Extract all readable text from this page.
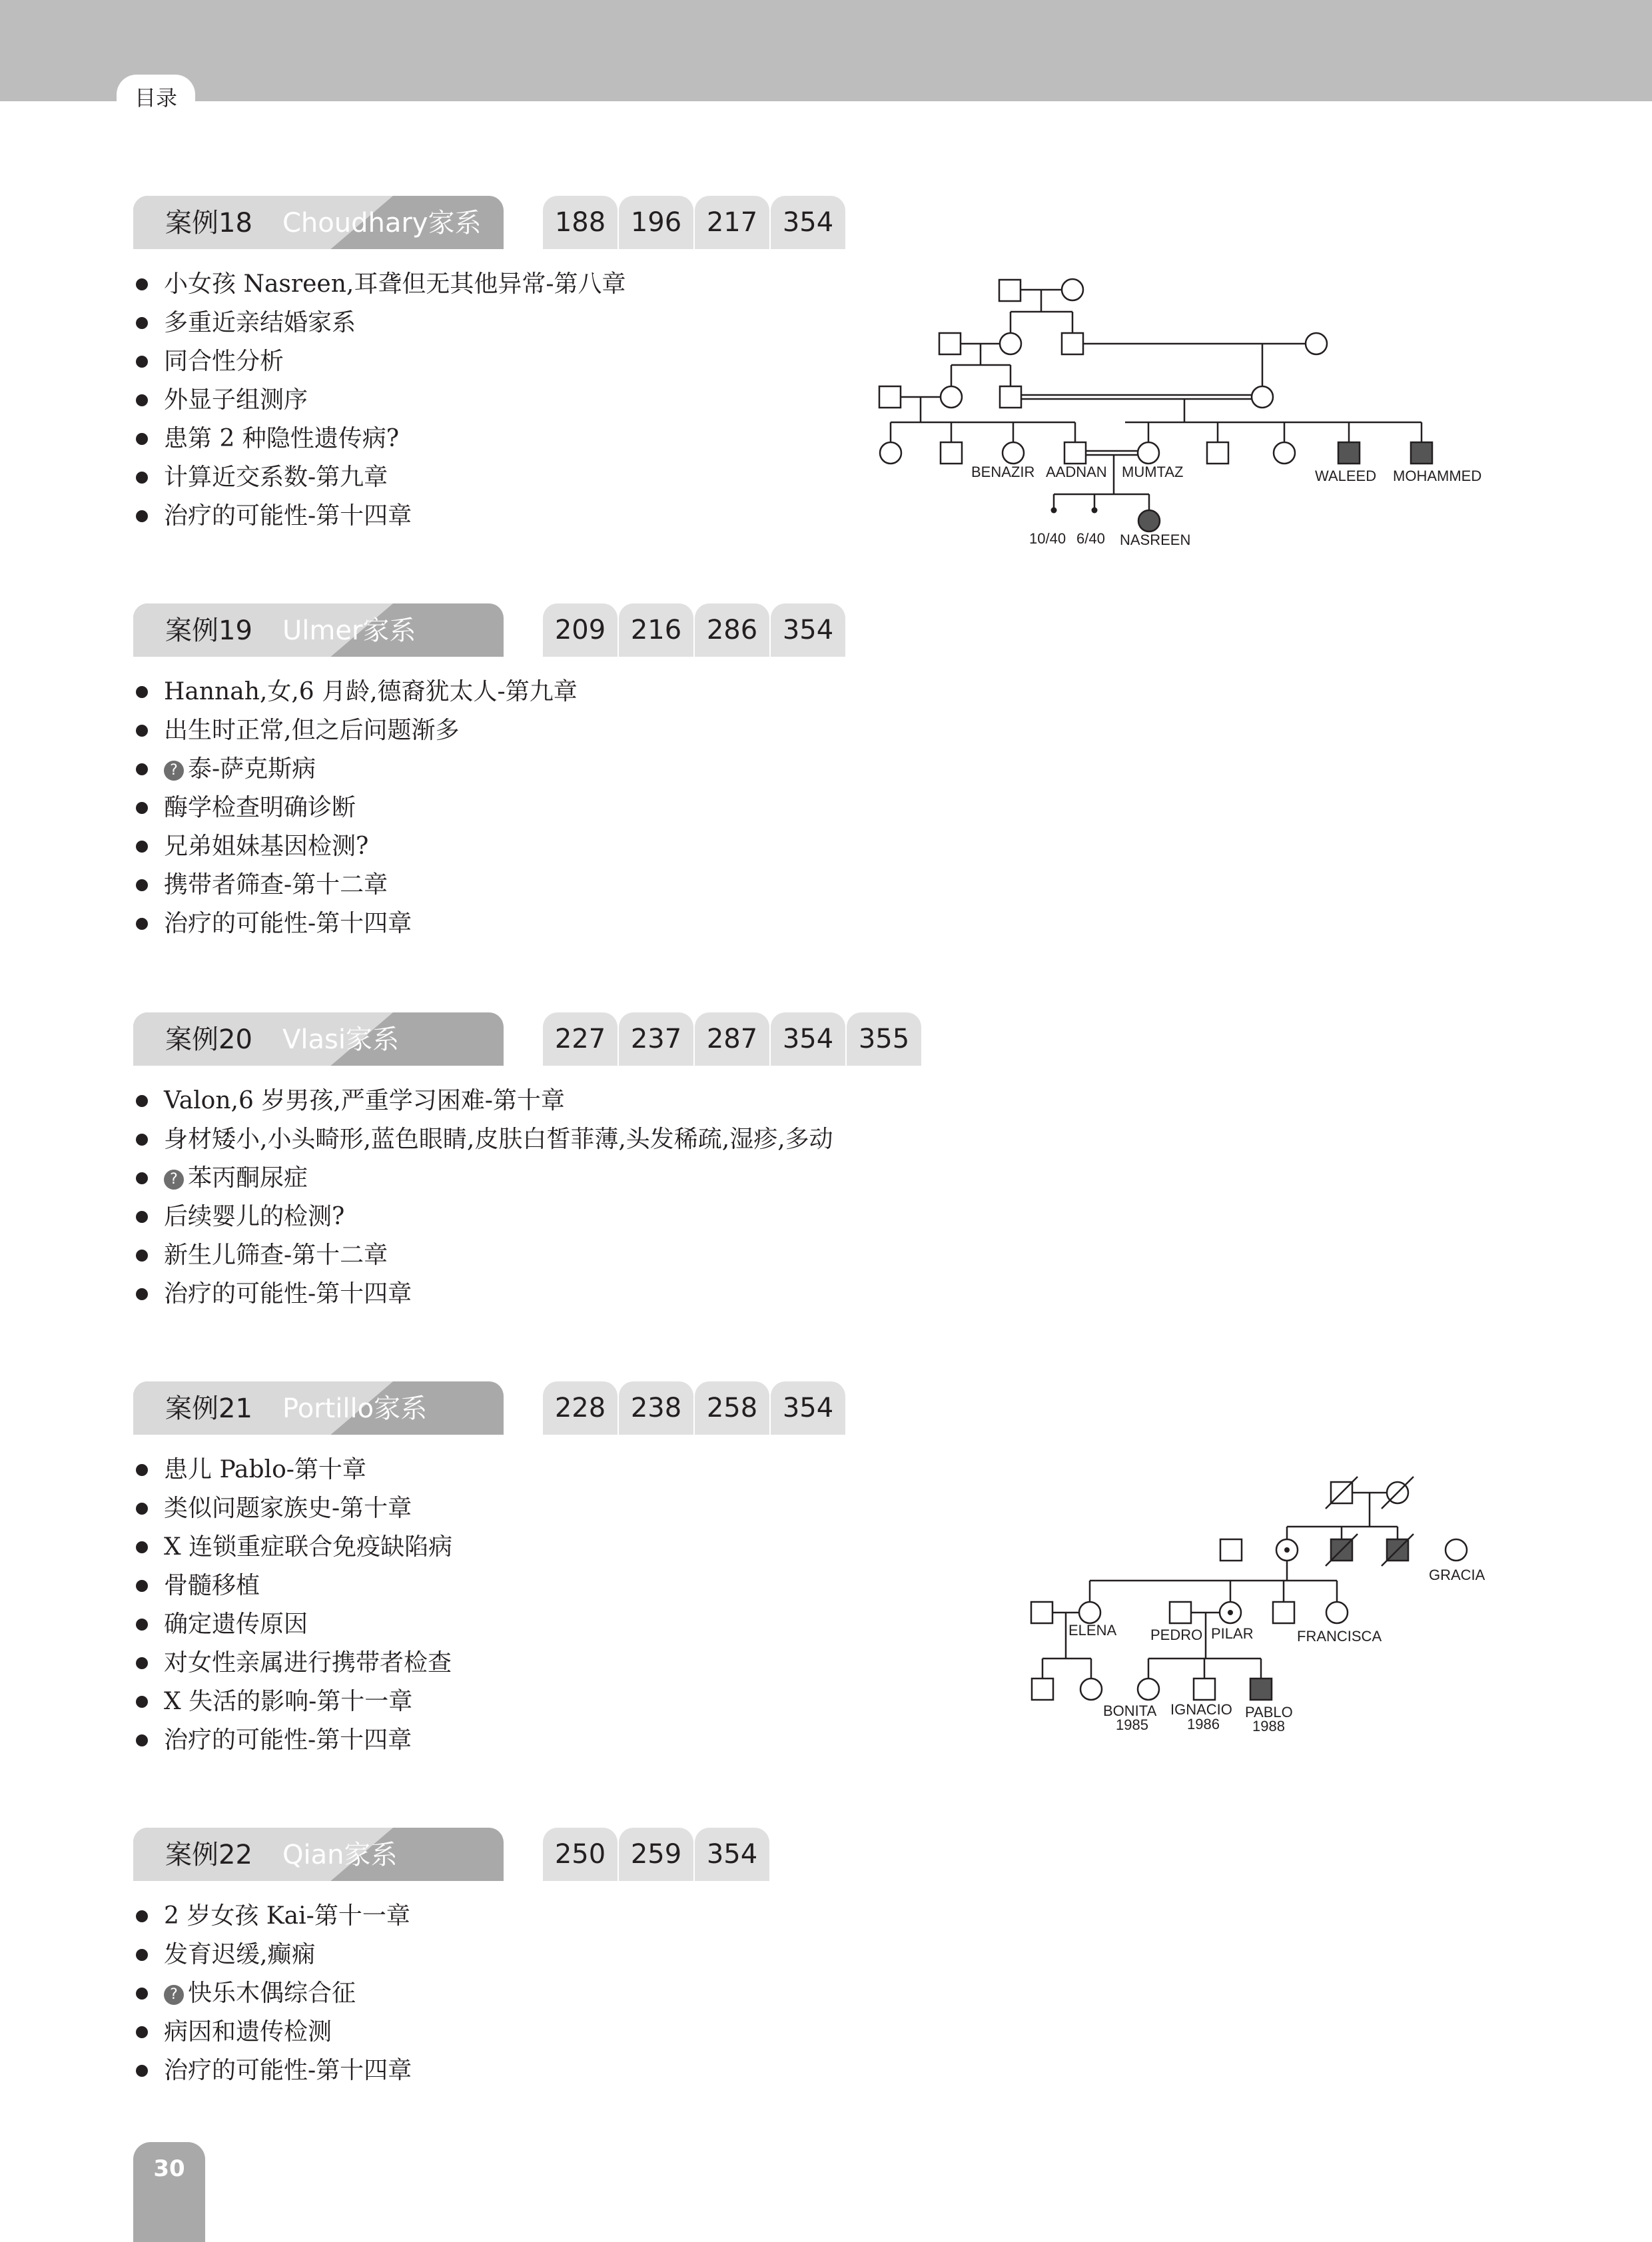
目录
案例18 Choudhary家系	188 196 217 354
小女孩 Nasreen,耳聋但无其他异常-第八章
多重近亲结婚家系
同合性分析
外显子组测序
患第 2 种隐性遗传病?
计算近交系数-第九章
治疗的可能性-第十四章
案例19 Ulmer家系	209 216 286 354
Hannah,女,6 月龄,德裔犹太人-第九章
出生时正常,但之后问题渐多
? 泰-萨克斯病
酶学检查明确诊断
兄弟姐妹基因检测?
携带者筛查-第十二章
治疗的可能性-第十四章
案例20 Vlasi家系	227 237 287 354 355
Valon,6 岁男孩,严重学习困难-第十章
身材矮小,小头畸形,蓝色眼睛,皮肤白皙菲薄,头发稀疏,湿疹,多动
? 苯丙酮尿症
后续婴儿的检测?
新生儿筛查-第十二章
治疗的可能性-第十四章
案例21 Portillo家系	228 238 258 354
患儿 Pablo-第十章
类似问题家族史-第十章
X 连锁重症联合免疫缺陷病
骨髓移植
确定遗传原因
对女性亲属进行携带者检查
X 失活的影响-第十一章
治疗的可能性-第十四章
案例22 Qian家系	250 259 354
2 岁女孩 Kai-第十一章
发育迟缓,癫痫
? 快乐木偶综合征
病因和遗传检测
治疗的可能性-第十四章
BENAZIR AADNAN MUMTAZ	WALEED MOHAMMED
10/40 6/40 NASREEN
GRACIA
ELENA PEDRO PILAR	FRANCISCA
BONITA
1985
IGNACIO
1986
PABLO
1988
30
